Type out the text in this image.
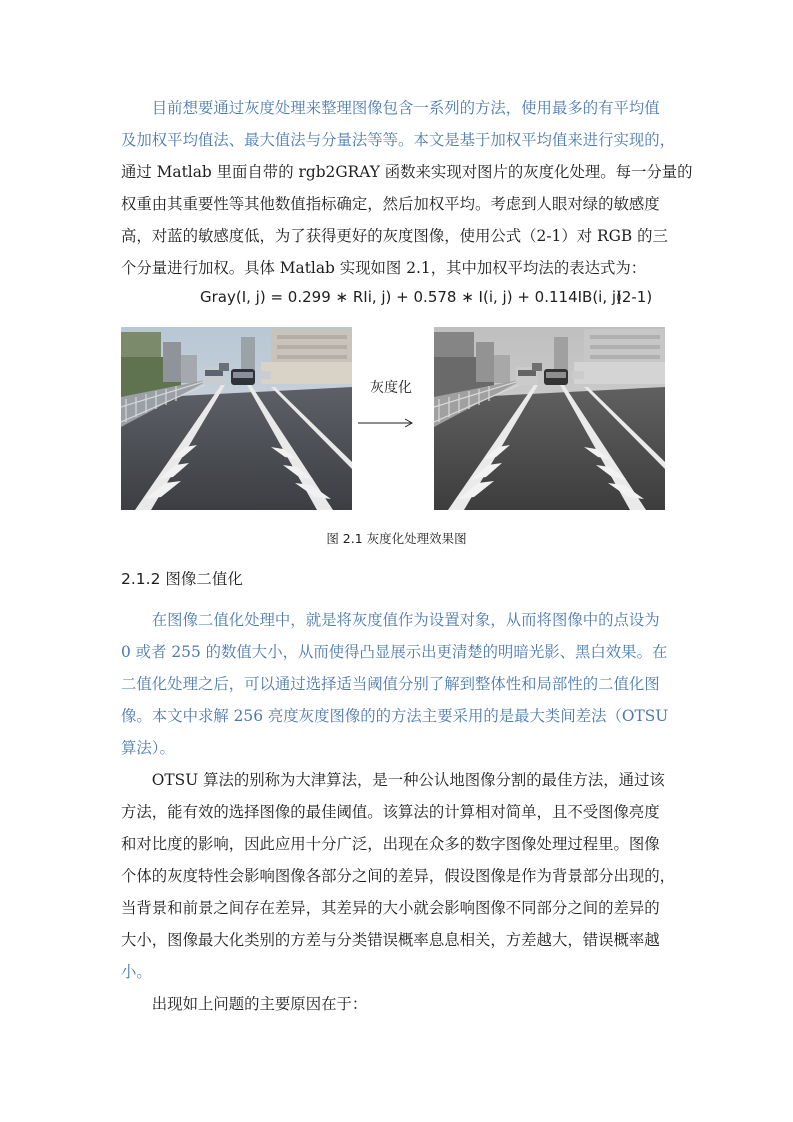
　　目前想要通过灰度处理来整理图像包含一系列的方法，使用最多的有平均值
及加权平均值法、最大值法与分量法等等。本文是基于加权平均值来进行实现的，
通过 Matlab 里面自带的 rgb2GRAY 函数来实现对图片的灰度化处理。每一分量的
权重由其重要性等其他数值指标确定，然后加权平均。考虑到人眼对绿的敏感度
高，对蓝的敏感度低，为了获得更好的灰度图像，使用公式（2-1）对 RGB 的三
个分量进行加权。具体 Matlab 实现如图 2.1，其中加权平均法的表达式为：
Gray(I, j) = 0.299 ∗ RIi, j) + 0.578 ∗ I(i, j) + 0.114IB(i, j)
(2-1)
灰度化
图 2.1 灰度化处理效果图
2.1.2 图像二值化
　　在图像二值化处理中，就是将灰度值作为设置对象，从而将图像中的点设为
0 或者 255 的数值大小，从而使得凸显展示出更清楚的明暗光影、黑白效果。在
二值化处理之后，可以通过选择适当阈值分别了解到整体性和局部性的二值化图
像。本文中求解 256 亮度灰度图像的的方法主要采用的是最大类间差法（OTSU
算法）。
　　OTSU 算法的别称为大津算法，是一种公认地图像分割的最佳方法，通过该
方法，能有效的选择图像的最佳阈值。该算法的计算相对简单，且不受图像亮度
和对比度的影响，因此应用十分广泛，出现在众多的数字图像处理过程里。图像
个体的灰度特性会影响图像各部分之间的差异，假设图像是作为背景部分出现的，
当背景和前景之间存在差异，其差异的大小就会影响图像不同部分之间的差异的
大小，图像最大化类别的方差与分类错误概率息息相关，方差越大，错误概率越
小。
　　出现如上问题的主要原因在于：
